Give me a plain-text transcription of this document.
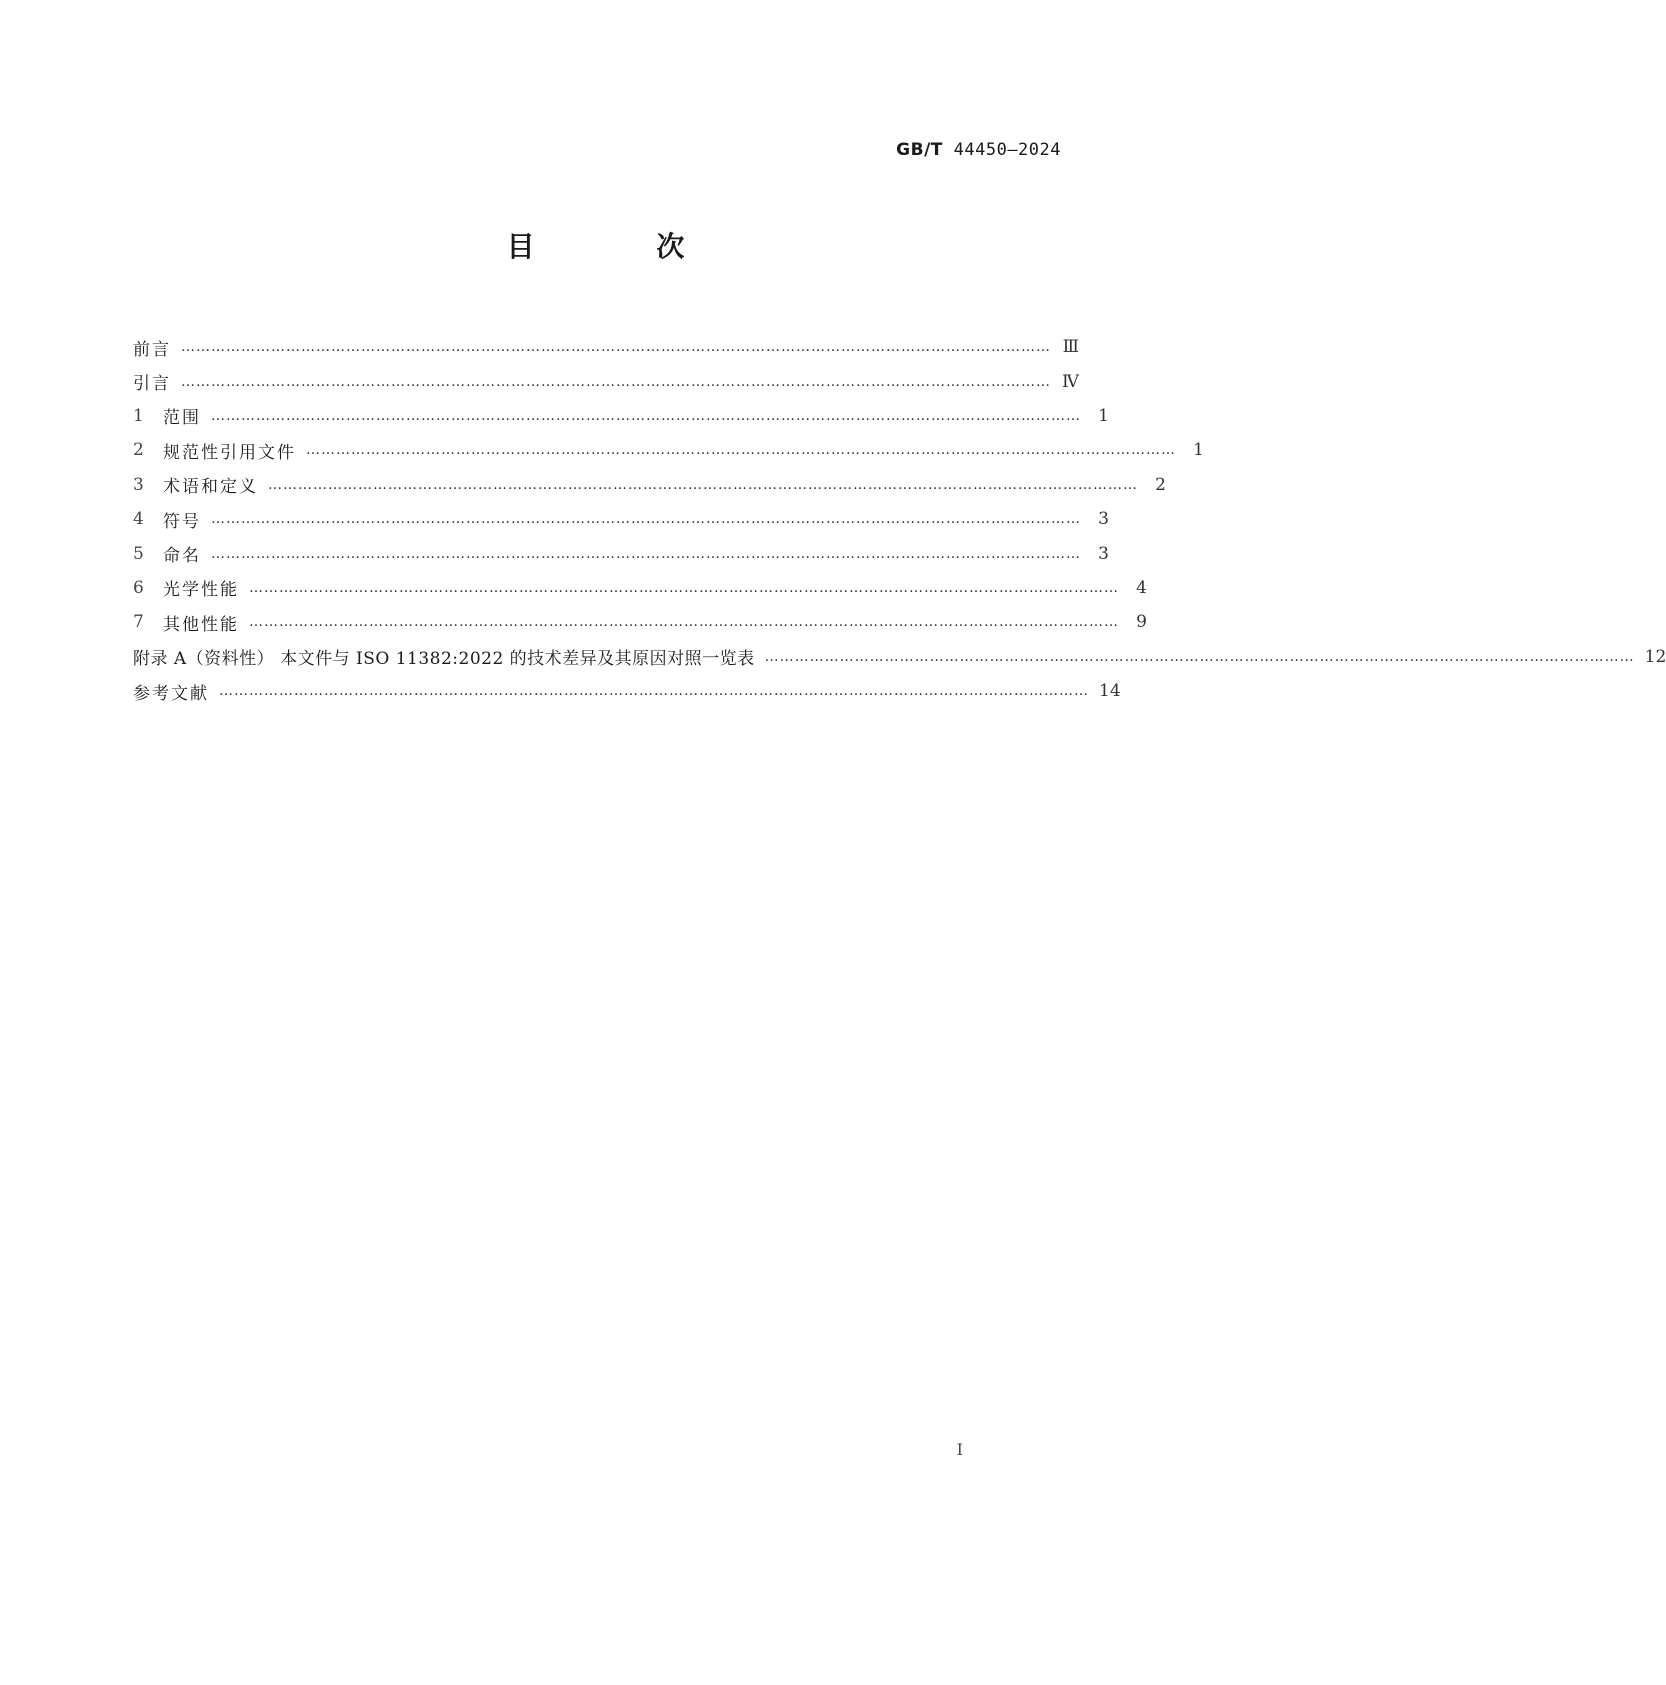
GB/T 44450—2024
目 次
前言 ………………………………………………………………………………………………………………………………………………………… Ⅲ
引言 ………………………………………………………………………………………………………………………………………………………… Ⅳ
1	范围 …………………………………………………………………………………………………………………………………………………………	1
2	规范性引用文件 …………………………………………………………………………………………………………………………………………………………	1
3	术语和定义 …………………………………………………………………………………………………………………………………………………………	2
4	符号 …………………………………………………………………………………………………………………………………………………………	3
5	命名 …………………………………………………………………………………………………………………………………………………………	3
6	光学性能 …………………………………………………………………………………………………………………………………………………………	4
7	其他性能 …………………………………………………………………………………………………………………………………………………………	9
附录 A（资料性） 本文件与 ISO 11382:2022 的技术差异及其原因对照一览表 ………………………………………………………………………………………………………………………………………………………… 12
参考文献 ………………………………………………………………………………………………………………………………………………………… 14
Ⅰ
